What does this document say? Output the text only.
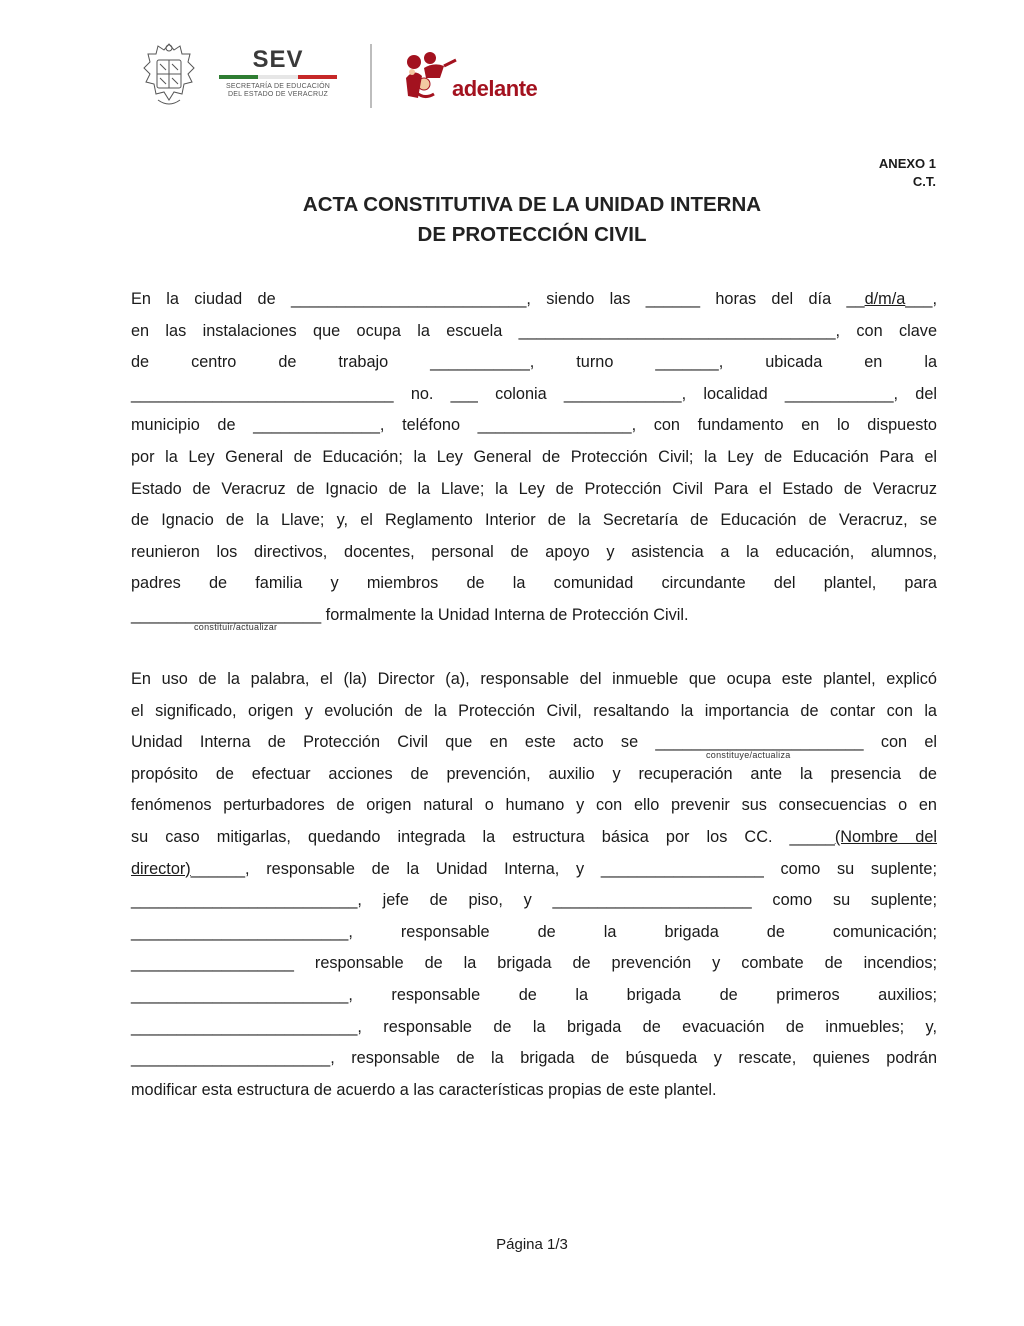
SEV
SECRETARÍA DE EDUCACIÓN
DEL ESTADO DE VERACRUZ	adelante
ANEXO 1
C.T.
ACTA CONSTITUTIVA DE LA UNIDAD INTERNA
DE PROTECCIÓN CIVIL
En la ciudad de __________________________, siendo las ______ horas del día __d/m/a___,
en las instalaciones que ocupa la escuela ___________________________________, con clave
de centro de trabajo ___________, turno _______, ubicada en la
_____________________________ no. ___ colonia _____________, localidad ____________, del
municipio de ______________, teléfono _________________, con fundamento en lo dispuesto
por la Ley General de Educación; la Ley General de Protección Civil; la Ley de Educación Para el
Estado de Veracruz de Ignacio de la Llave; la Ley de Protección Civil Para el Estado de Veracruz
de Ignacio de la Llave; y, el Reglamento Interior de la Secretaría de Educación de Veracruz, se
reunieron los directivos, docentes, personal de apoyo y asistencia a la educación, alumnos,
padres de familia y miembros de la comunidad circundante del plantel, para
_____________________ formalmente la Unidad Interna de Protección Civil.
constituir/actualizar
En uso de la palabra, el (la) Director (a), responsable del inmueble que ocupa este plantel, explicó
el significado, origen y evolución de la Protección Civil, resaltando la importancia de contar con la
Unidad Interna de Protección Civil que en este acto se _______________________ con el
propósito de efectuar acciones de prevención, auxilio y recuperación ante la presencia de
fenómenos perturbadores de origen natural o humano y con ello prevenir sus consecuencias o en
su caso mitigarlas, quedando integrada la estructura básica por los CC. _____(Nombre del
director)______, responsable de la Unidad Interna, y __________________ como su suplente;
_________________________, jefe de piso, y ______________________ como su suplente;
________________________, responsable de la brigada de comunicación;
__________________ responsable de la brigada de prevención y combate de incendios;
________________________, responsable de la brigada de primeros auxilios;
_________________________, responsable de la brigada de evacuación de inmuebles; y,
______________________, responsable de la brigada de búsqueda y rescate, quienes podrán
modificar esta estructura de acuerdo a las características propias de este plantel.
constituye/actualiza
Página 1/3
